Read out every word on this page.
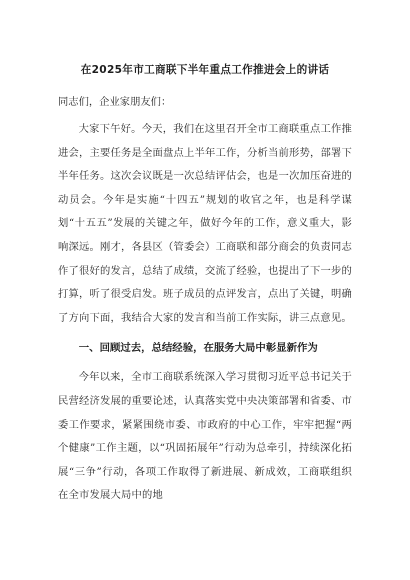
在2025年市工商联下半年重点工作推进会上的讲话
同志们，企业家朋友们：

大家下午好。今天，我们在这里召开全市工商联重点工作推进会，主要任务是全面盘点上半年工作，分析当前形势，部署下半年任务。这次会议既是一次总结评估会，也是一次加压奋进的动员会。今年是实施“十四五”规划的收官之年，也是科学谋划“十五五”发展的关键之年，做好今年的工作，意义重大，影响深远。刚才，各县区（管委会）工商联和部分商会的负责同志作了很好的发言，总结了成绩，交流了经验，也提出了下一步的打算，听了很受启发。班子成员的点评发言，点出了关键，明确了方向下面，我结合大家的发言和当前工作实际，讲三点意见。

一、回顾过去，总结经验，在服务大局中彰显新作为

今年以来，全市工商联系统深入学习贯彻习近平总书记关于民营经济发展的重要论述，认真落实党中央决策部署和省委、市委工作要求，紧紧围绕市委、市政府的中心工作，牢牢把握“两个健康”工作主题，以“巩固拓展年”行动为总牵引，持续深化拓展“三争”行动，各项工作取得了新进展、新成效，工商联组织在全市发展大局中的地
